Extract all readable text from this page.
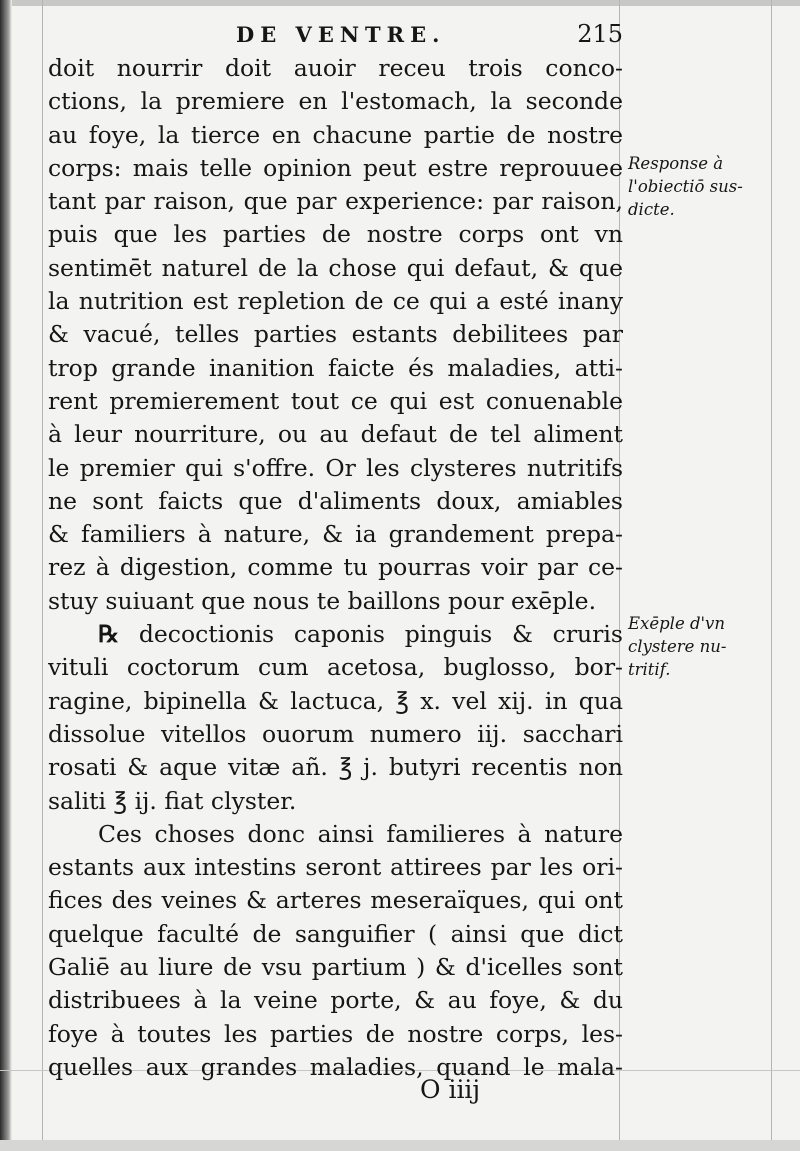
DE VENTRE.	215
doit nourrir doit auoir receu trois conco-
ctions, la premiere en l'estomach, la seconde
au foye, la tierce en chacune partie de nostre
corps: mais telle opinion peut estre reprouuee
tant par raison, que par experience: par raison,
puis que les parties de nostre corps ont vn
sentimēt naturel de la chose qui defaut, & que
la nutrition est repletion de ce qui a esté inany
& vacué, telles parties estants debilitees par
trop grande inanition faicte és maladies, atti-
rent premierement tout ce qui est conuenable
à leur nourriture, ou au defaut de tel aliment
le premier qui s'offre. Or les clysteres nutritifs
ne sont faicts que d'aliments doux, amiables
& familiers à nature, & ia grandement prepa-
rez à digestion, comme tu pourras voir par ce-
stuy suiuant que nous te baillons pour exēple.
℞ decoctionis caponis pinguis & cruris
vituli coctorum cum acetosa, buglosso, bor-
ragine, bipinella & lactuca, ℥ x. vel xij. in qua
dissolue vitellos ouorum numero iij. sacchari
rosati & aque vitæ añ. ℥ j. butyri recentis non
saliti ℥ ij. fiat clyster.
Ces choses donc ainsi familieres à nature
estants aux intestins seront attirees par les ori-
fices des veines & arteres meseraïques, qui ont
quelque faculté de sanguifier ( ainsi que dict
Galiē au liure de vsu partium ) & d'icelles sont
distribuees à la veine porte, & au foye, & du
foye à toutes les parties de nostre corps, les-
quelles aux grandes maladies, quand le mala-
Response à
l'obiectiō sus-
dicte.
Exēple d'vn
clystere nu-
tritif.
O iiij
